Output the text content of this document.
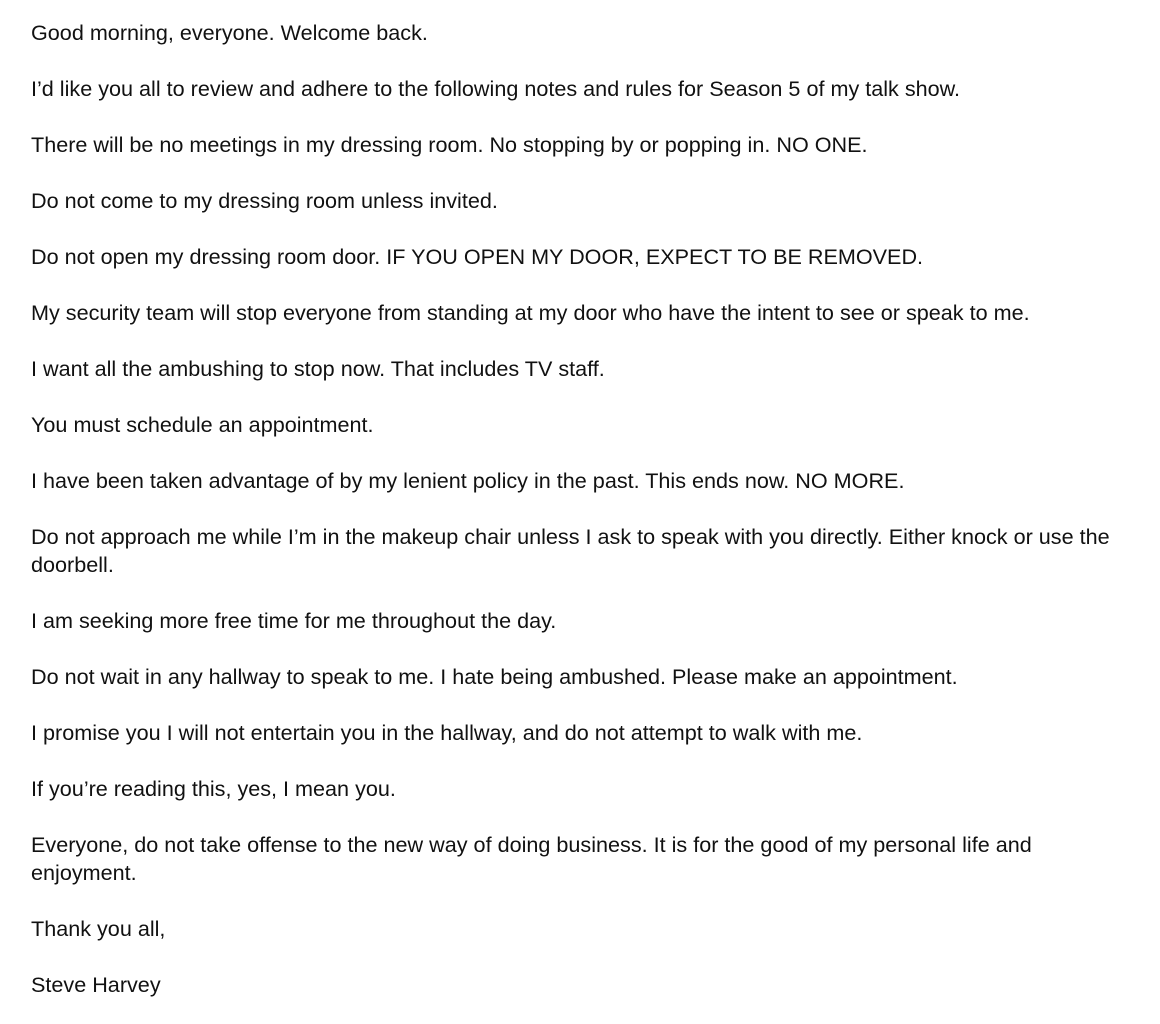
Good morning, everyone. Welcome back.

I’d like you all to review and adhere to the following notes and rules for Season 5 of my talk show.

There will be no meetings in my dressing room. No stopping by or popping in. NO ONE.

Do not come to my dressing room unless invited.

Do not open my dressing room door. IF YOU OPEN MY DOOR, EXPECT TO BE REMOVED.

My security team will stop everyone from standing at my door who have the intent to see or speak to me.

I want all the ambushing to stop now. That includes TV staff.

You must schedule an appointment.

I have been taken advantage of by my lenient policy in the past. This ends now. NO MORE.

Do not approach me while I’m in the makeup chair unless I ask to speak with you directly. Either knock or use the doorbell.

I am seeking more free time for me throughout the day.

Do not wait in any hallway to speak to me. I hate being ambushed. Please make an appointment.

I promise you I will not entertain you in the hallway, and do not attempt to walk with me.

If you’re reading this, yes, I mean you.

Everyone, do not take offense to the new way of doing business. It is for the good of my personal life and enjoyment.

Thank you all,

Steve Harvey
